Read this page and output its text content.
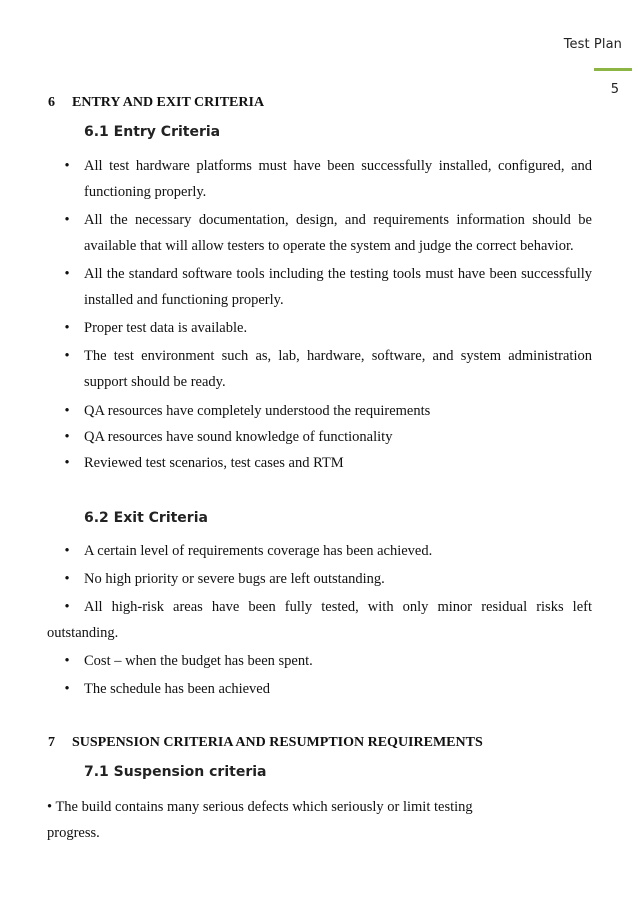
Test Plan
5
6 ENTRY AND EXIT CRITERIA
6.1 Entry Criteria
• All test hardware platforms must have been successfully installed, configured, and functioning properly.
• All the necessary documentation, design, and requirements information should be available that will allow testers to operate the system and judge the correct behavior.
• All the standard software tools including the testing tools must have been successfully installed and functioning properly.
• Proper test data is available.
• The test environment such as, lab, hardware, software, and system administration support should be ready.
• QA resources have completely understood the requirements
• QA resources have sound knowledge of functionality
• Reviewed test scenarios, test cases and RTM
6.2 Exit Criteria
• A certain level of requirements coverage has been achieved.
• No high priority or severe bugs are left outstanding.
• All high-risk areas have been fully tested, with only minor residual risks left outstanding.
• Cost – when the budget has been spent.
• The schedule has been achieved
7 SUSPENSION CRITERIA AND RESUMPTION REQUIREMENTS
7.1 Suspension criteria
• The build contains many serious defects which seriously or limit testing progress.
